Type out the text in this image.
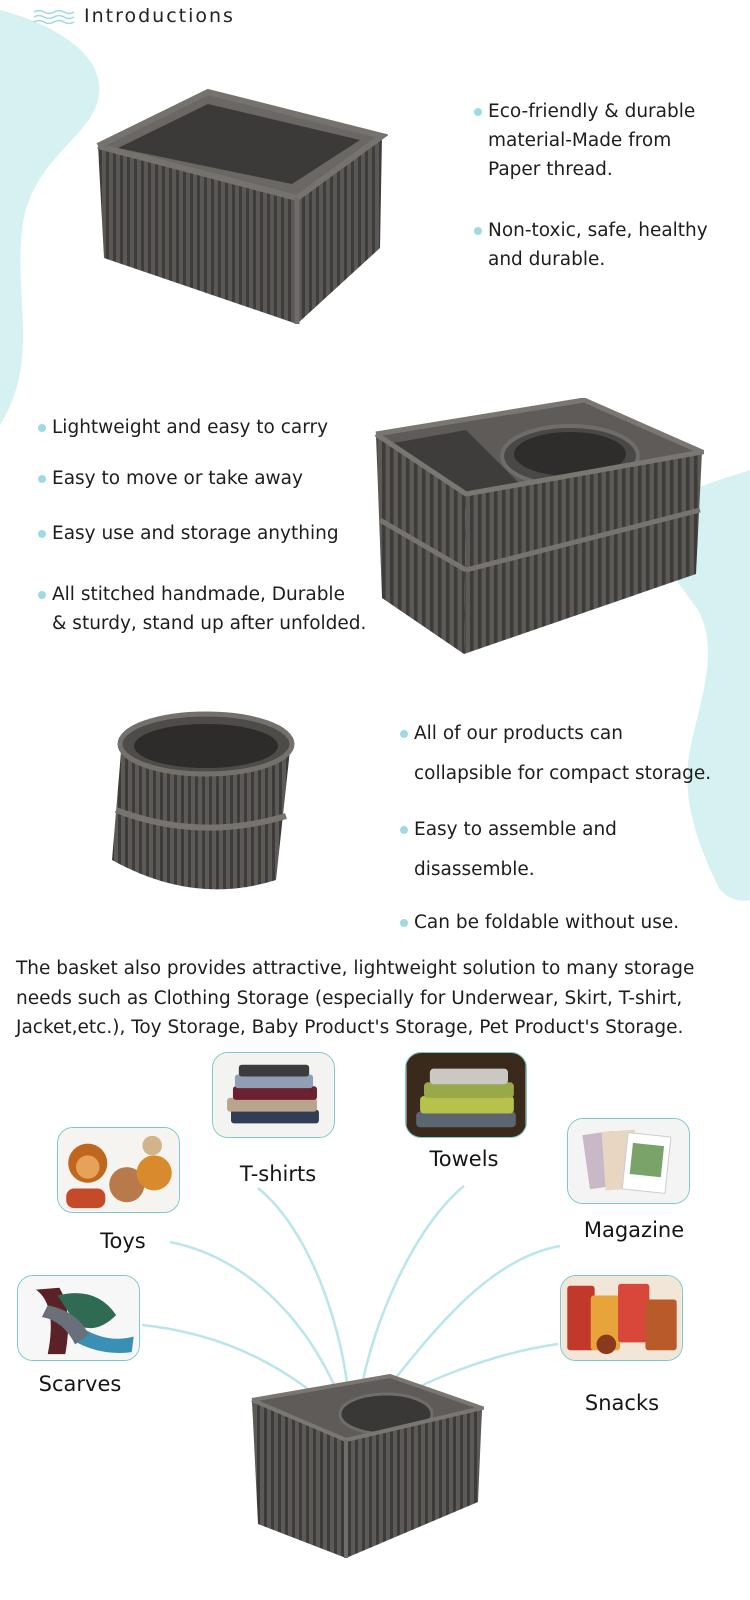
Introductions
Eco-friendly & durable
material-Made from
Paper thread.
Non-toxic, safe, healthy
and durable.
Lightweight and easy to carry
Easy to move or take away
Easy use and storage anything
All stitched handmade, Durable
& sturdy, stand up after unfolded.
All of our products can
collapsible for compact storage.
Easy to assemble and
disassemble.
Can be foldable without use.

The basket also provides attractive, lightweight solution to many storage needs such as Clothing Storage (especially for Underwear, Skirt, T-shirt, Jacket,etc.), Toy Storage, Baby Product's Storage, Pet Product's Storage.

T-shirts
Towels
Toys	Magazine
Scarves
Snacks
